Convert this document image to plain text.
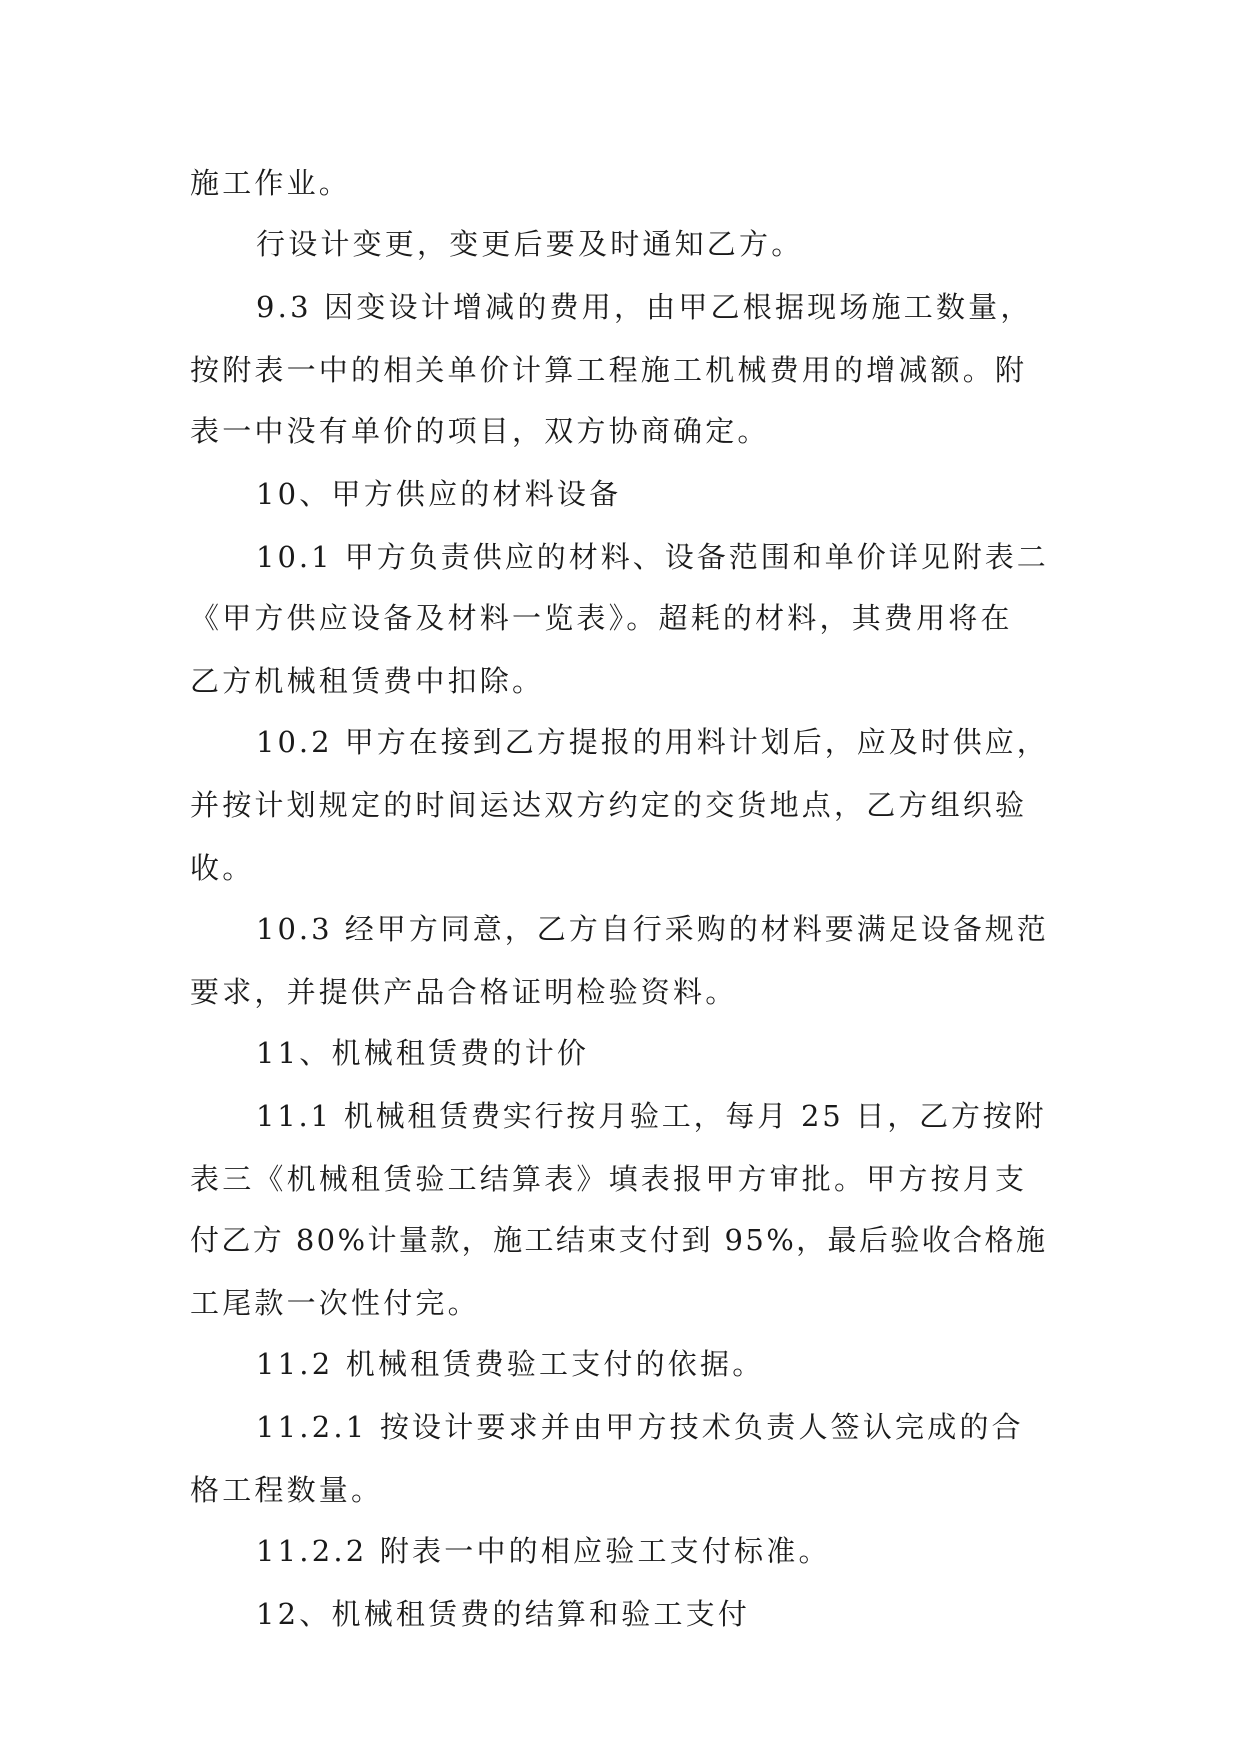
施工作业。
行设计变更，变更后要及时通知乙方。
9.3 因变设计增减的费用，由甲乙根据现场施工数量，
按附表一中的相关单价计算工程施工机械费用的增减额。附
表一中没有单价的项目，双方协商确定。
10、甲方供应的材料设备
10.1 甲方负责供应的材料、设备范围和单价详见附表二
《甲方供应设备及材料一览表》。超耗的材料，其费用将在
乙方机械租赁费中扣除。
10.2 甲方在接到乙方提报的用料计划后，应及时供应，
并按计划规定的时间运达双方约定的交货地点，乙方组织验
收。
10.3 经甲方同意，乙方自行采购的材料要满足设备规范
要求，并提供产品合格证明检验资料。
11、机械租赁费的计价
11.1 机械租赁费实行按月验工，每月 25 日，乙方按附
表三《机械租赁验工结算表》填表报甲方审批。甲方按月支
付乙方 80%计量款，施工结束支付到 95%，最后验收合格施
工尾款一次性付完。
11.2 机械租赁费验工支付的依据。
11.2.1 按设计要求并由甲方技术负责人签认完成的合
格工程数量。
11.2.2 附表一中的相应验工支付标准。
12、机械租赁费的结算和验工支付
